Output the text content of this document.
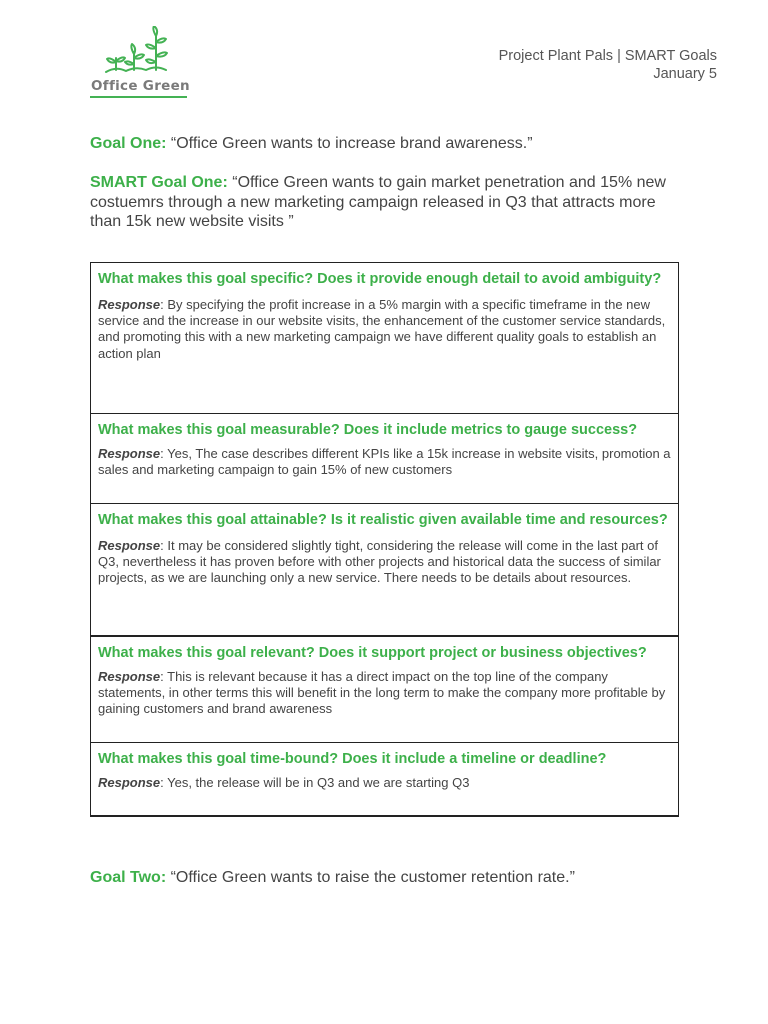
Office Green
Project Plant Pals | SMART Goals
January 5
Goal One: “Office Green wants to increase brand awareness.”
SMART Goal One: “Office Green wants to gain market penetration and 15% new costuemrs through a new marketing campaign released in Q3 that attracts more than 15k new website visits ”
What makes this goal specific? Does it provide enough detail to avoid ambiguity?
Response: By specifying the profit increase in a 5% margin with a specific timeframe in the new service and the increase in our website visits, the enhancement of the customer service standards, and promoting this with a new marketing campaign we have different quality goals to establish an action plan
What makes this goal measurable? Does it include metrics to gauge success?
Response: Yes, The case describes different KPIs like a 15k increase in website visits, promotion a sales and marketing campaign to gain 15% of new customers
What makes this goal attainable? Is it realistic given available time and resources?
Response: It may be considered slightly tight, considering the release will come in the last part of Q3, nevertheless it has proven before with other projects and historical data the success of similar projects, as we are launching only a new service. There needs to be details about resources.
What makes this goal relevant? Does it support project or business objectives?
Response: This is relevant because it has a direct impact on the top line of the company statements, in other terms this will benefit in the long term to make the company more profitable by gaining customers and brand awareness
What makes this goal time-bound? Does it include a timeline or deadline?
Response: Yes, the release will be in Q3 and we are starting Q3
Goal Two: “Office Green wants to raise the customer retention rate.”
